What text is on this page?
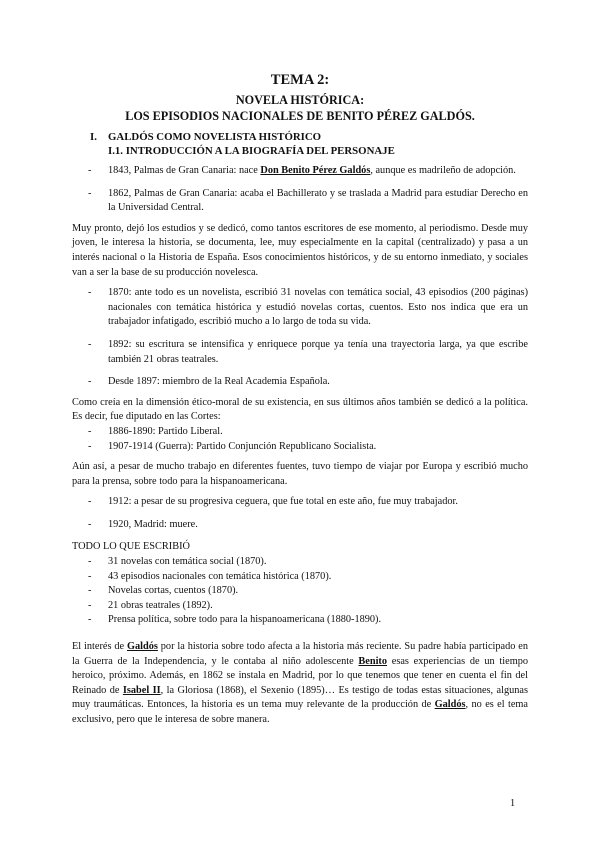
TEMA 2:

NOVELA HISTÓRICA:

LOS EPISODIOS NACIONALES DE BENITO PÉREZ GALDÓS.

I. GALDÓS COMO NOVELISTA HISTÓRICO
I.1. INTRODUCCIÓN A LA BIOGRAFÍA DEL PERSONAJE
- 1843, Palmas de Gran Canaria: nace Don Benito Pérez Galdós, aunque es madrileño de adopción.
- 1862, Palmas de Gran Canaria: acaba el Bachillerato y se traslada a Madrid para estudiar Derecho en la Universidad Central.

Muy pronto, dejó los estudios y se dedicó, como tantos escritores de ese momento, al periodismo. Desde muy joven, le interesa la historia, se documenta, lee, muy especialmente en la capital (centralizado) y pasa a un interés nacional o la Historia de España. Esos conocimientos históricos, y de su entorno inmediato, y sociales van a ser la base de su producción novelesca.

- 1870: ante todo es un novelista, escribió 31 novelas con temática social, 43 episodios (200 páginas) nacionales con temática histórica y estudió novelas cortas, cuentos. Esto nos indica que era un trabajador infatigado, escribió mucho a lo largo de toda su vida.
- 1892: su escritura se intensifica y enriquece porque ya tenía una trayectoria larga, ya que escribe también 21 obras teatrales.
- Desde 1897: miembro de la Real Academia Española.

Como creía en la dimensión ético-moral de su existencia, en sus últimos años también se dedicó a la política. Es decir, fue diputado en las Cortes:

- 1886-1890: Partido Liberal.
- 1907-1914 (Guerra): Partido Conjunción Republicano Socialista.

Aún así, a pesar de mucho trabajo en diferentes fuentes, tuvo tiempo de viajar por Europa y escribió mucho para la prensa, sobre todo para la hispanoamericana.

- 1912: a pesar de su progresiva ceguera, que fue total en este año, fue muy trabajador.
- 1920, Madrid: muere.

TODO LO QUE ESCRIBIÓ

- 31 novelas con temática social (1870).
- 43 episodios nacionales con temática histórica (1870).
- Novelas cortas, cuentos (1870).
- 21 obras teatrales (1892).
- Prensa política, sobre todo para la hispanoamericana (1880-1890).

El interés de Galdós por la historia sobre todo afecta a la historia más reciente. Su padre había participado en la Guerra de la Independencia, y le contaba al niño adolescente Benito esas experiencias de un tiempo heroico, próximo. Además, en 1862 se instala en Madrid, por lo que tenemos que tener en cuenta el fin del Reinado de Isabel II, la Gloriosa (1868), el Sexenio (1895)… Es testigo de todas estas situaciones, algunas muy traumáticas. Entonces, la historia es un tema muy relevante de la producción de Galdós, no es el tema exclusivo, pero que le interesa de sobre manera.

1
